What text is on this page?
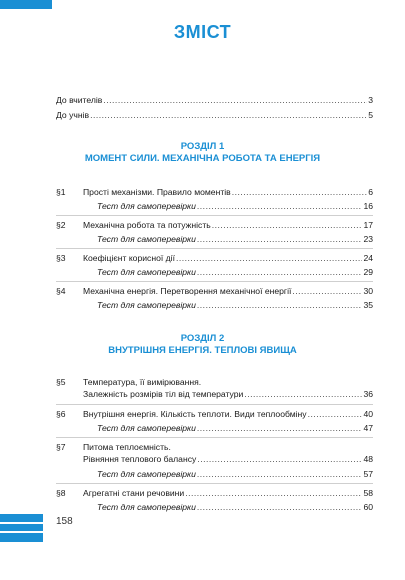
ЗМІСТ
До вчителів .....	3
До учнів .....	5
РОЗДІЛ 1
МОМЕНТ СИЛИ. МЕХАНІЧНА РОБОТА ТА ЕНЕРГІЯ
§1 Прості механізми. Правило моментів .....	6
Тест для самоперевірки .....	16
§2 Механічна робота та потужність .....	17
Тест для самоперевірки .....	23
§3 Коефіцієнт корисної дії .....	24
Тест для самоперевірки .....	29
§4 Механічна енергія. Перетворення механічної енергії .....	30
Тест для самоперевірки .....	35
РОЗДІЛ 2
ВНУТРІШНЯ ЕНЕРГІЯ. ТЕПЛОВІ ЯВИЩА
§5 Температура, її вимірювання.
Залежність розмірів тіл від температури .....	36
§6 Внутрішня енергія. Кількість теплоти. Види теплообміну .....	40
Тест для самоперевірки .....	47
§7 Питома теплоємність.
Рівняння теплового балансу .....	48
Тест для самоперевірки .....	57
§8 Агрегатні стани речовини .....	58
Тест для самоперевірки .....	60
158
